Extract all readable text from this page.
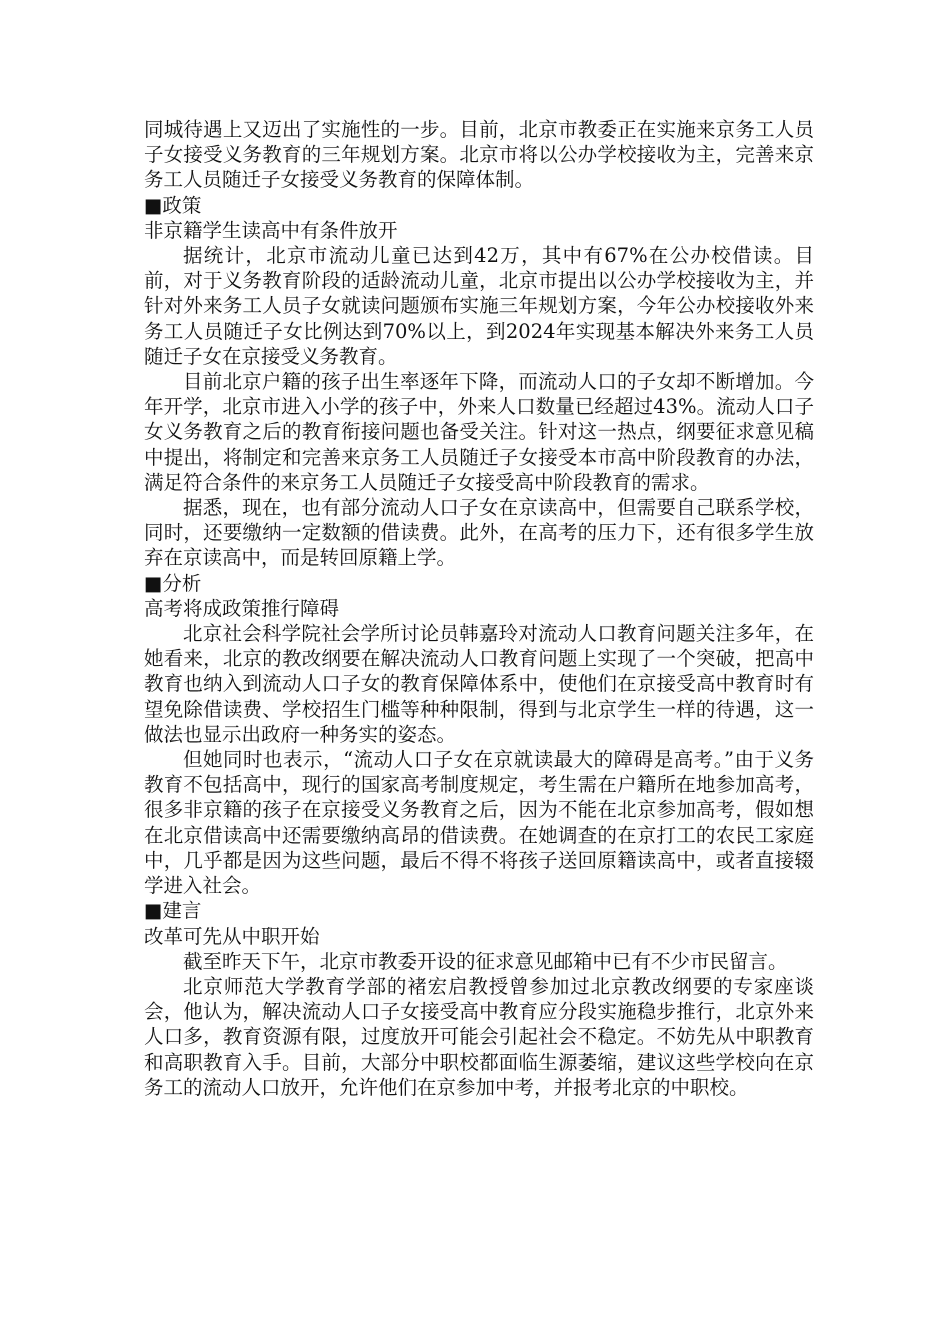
同城待遇上又迈出了实施性的一步。目前，北京市教委正在实施来京务工人员子女接受义务教育的三年规划方案。北京市将以公办学校接收为主，完善来京务工人员随迁子女接受义务教育的保障体制。

■政策

非京籍学生读高中有条件放开

据统计，北京市流动儿童已达到42万，其中有67%在公办校借读。目前，对于义务教育阶段的适龄流动儿童，北京市提出以公办学校接收为主，并针对外来务工人员子女就读问题颁布实施三年规划方案，今年公办校接收外来务工人员随迁子女比例达到70%以上，到2024年实现基本解决外来务工人员随迁子女在京接受义务教育。

目前北京户籍的孩子出生率逐年下降，而流动人口的子女却不断增加。今年开学，北京市进入小学的孩子中，外来人口数量已经超过43%。流动人口子女义务教育之后的教育衔接问题也备受关注。针对这一热点，纲要征求意见稿中提出，将制定和完善来京务工人员随迁子女接受本市高中阶段教育的办法，满足符合条件的来京务工人员随迁子女接受高中阶段教育的需求。

据悉，现在，也有部分流动人口子女在京读高中，但需要自己联系学校，同时，还要缴纳一定数额的借读费。此外，在高考的压力下，还有很多学生放弃在京读高中，而是转回原籍上学。

■分析

高考将成政策推行障碍

北京社会科学院社会学所讨论员韩嘉玲对流动人口教育问题关注多年，在她看来，北京的教改纲要在解决流动人口教育问题上实现了一个突破，把高中教育也纳入到流动人口子女的教育保障体系中，使他们在京接受高中教育时有望免除借读费、学校招生门槛等种种限制，得到与北京学生一样的待遇，这一做法也显示出政府一种务实的姿态。

但她同时也表示，“流动人口子女在京就读最大的障碍是高考。”由于义务教育不包括高中，现行的国家高考制度规定，考生需在户籍所在地参加高考，很多非京籍的孩子在京接受义务教育之后，因为不能在北京参加高考，假如想在北京借读高中还需要缴纳高昂的借读费。在她调查的在京打工的农民工家庭中，几乎都是因为这些问题，最后不得不将孩子送回原籍读高中，或者直接辍学进入社会。

■建言

改革可先从中职开始

截至昨天下午，北京市教委开设的征求意见邮箱中已有不少市民留言。

北京师范大学教育学部的褚宏启教授曾参加过北京教改纲要的专家座谈会，他认为，解决流动人口子女接受高中教育应分段实施稳步推行，北京外来人口多，教育资源有限，过度放开可能会引起社会不稳定。不妨先从中职教育和高职教育入手。目前，大部分中职校都面临生源萎缩，建议这些学校向在京务工的流动人口放开，允许他们在京参加中考，并报考北京的中职校。
